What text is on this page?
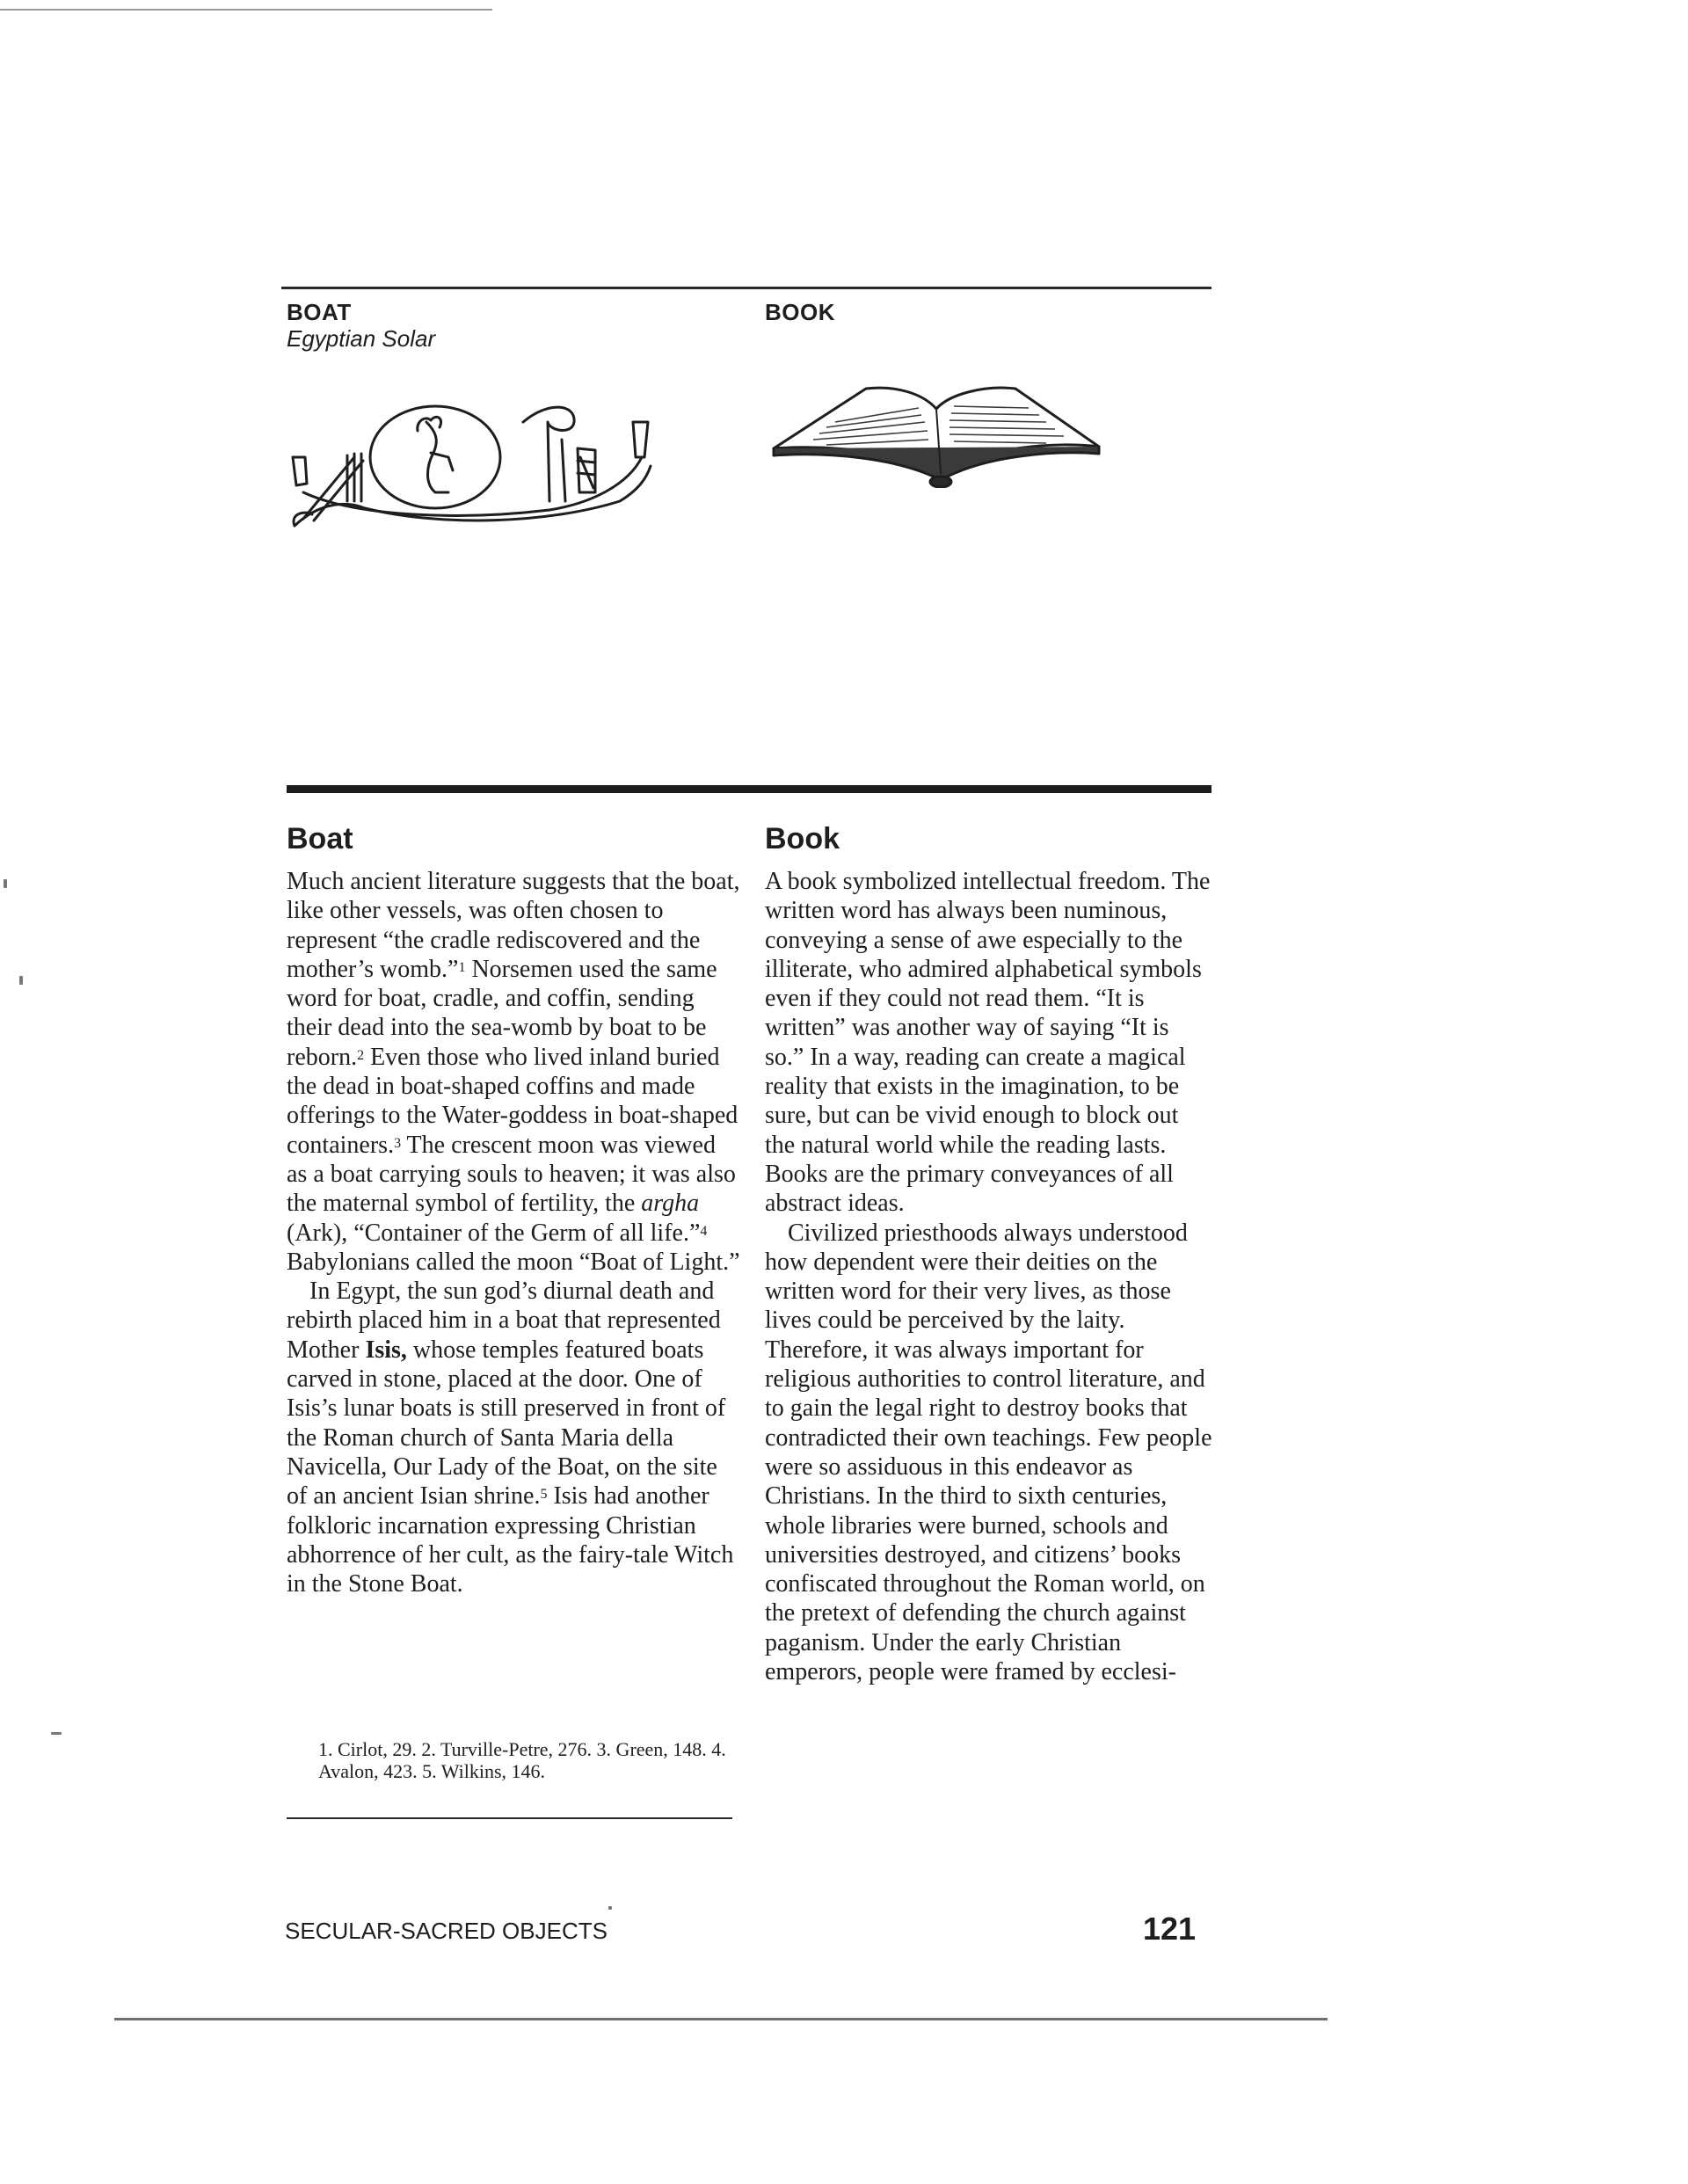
BOAT
Egyptian Solar
BOOK
Boat

Much ancient literature suggests that the boat, like other vessels, was often chosen to represent “the cradle rediscovered and the mother’s womb.”$^1$ Norsemen used the same word for boat, cradle, and coffin, sending their dead into the sea-womb by boat to be reborn.$^2$ Even those who lived inland buried the dead in boat-shaped coffins and made offerings to the Water-goddess in boat-shaped containers.$^3$ The crescent moon was viewed as a boat carrying souls to heaven; it was also the maternal symbol of fertility, the argha (Ark), “Container of the Germ of all life.”$^4$ Babylonians called the moon “Boat of Light.”

In Egypt, the sun god’s diurnal death and rebirth placed him in a boat that represented Mother Isis, whose temples featured boats carved in stone, placed at the door. One of Isis’s lunar boats is still preserved in front of the Roman church of Santa Maria della Navicella, Our Lady of the Boat, on the site of an ancient Isian shrine.$^5$ Isis had another folkloric incarnation expressing Christian abhorrence of her cult, as the fairy-tale Witch in the Stone Boat.

1. Cirlot, 29. 2. Turville-Petre, 276. 3. Green, 148. 4. Avalon, 423. 5. Wilkins, 146.
Book

A book symbolized intellectual freedom. The written word has always been numinous, conveying a sense of awe especially to the illiterate, who admired alphabetical symbols even if they could not read them. “It is written” was another way of saying “It is so.” In a way, reading can create a magical reality that exists in the imagination, to be sure, but can be vivid enough to block out the natural world while the reading lasts. Books are the primary conveyances of all abstract ideas.

Civilized priesthoods always understood how dependent were their deities on the written word for their very lives, as those lives could be perceived by the laity. Therefore, it was always important for religious authorities to control literature, and to gain the legal right to destroy books that contradicted their own teachings. Few people were so assiduous in this endeavor as Christians. In the third to sixth centuries, whole libraries were burned, schools and universities destroyed, and citizens’ books confiscated throughout the Roman world, on the pretext of defending the church against paganism. Under the early Christian emperors, people were framed by ecclesi-

SECULAR-SACRED OBJECTS	121
